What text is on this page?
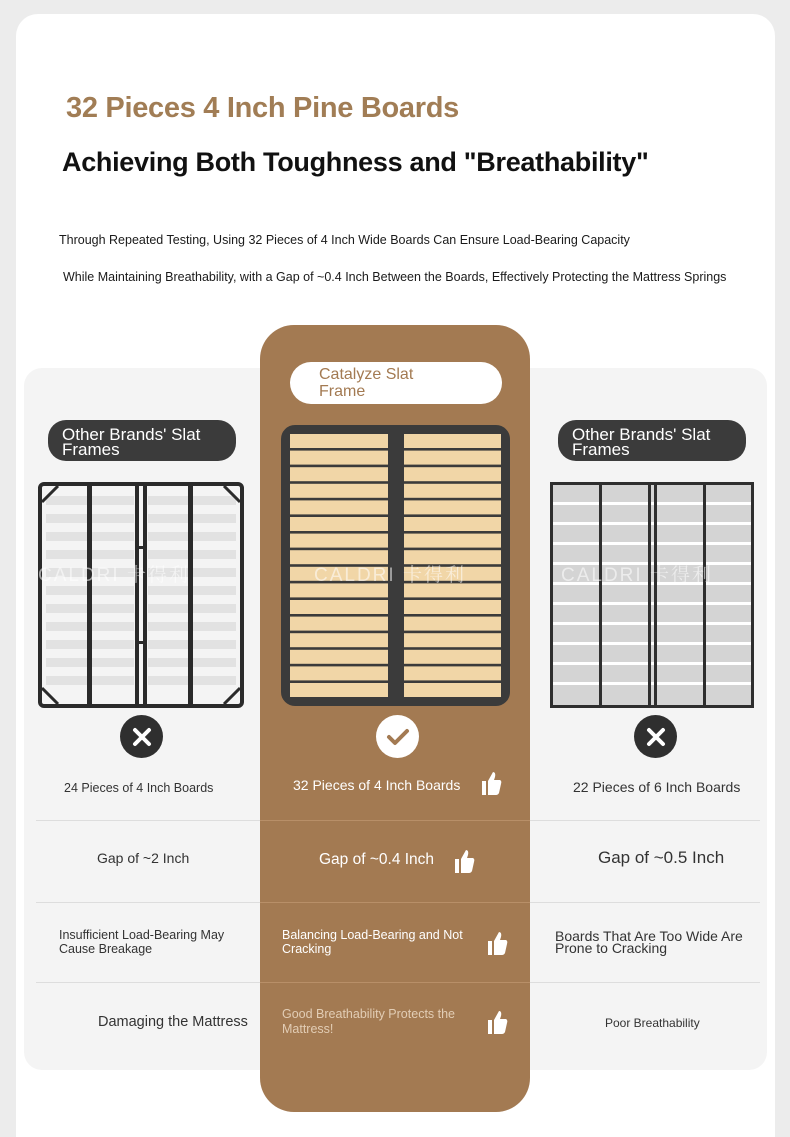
32 Pieces 4 Inch Pine Boards
Achieving Both Toughness and "Breathability"
Through Repeated Testing, Using 32 Pieces of 4 Inch Wide Boards Can Ensure Load-Bearing Capacity
While Maintaining Breathability, with a Gap of ~0.4 Inch Between the Boards, Effectively Protecting the Mattress Springs
Other Brands' Slat
Frames
Catalyze Slat
Frame
Other Brands' Slat
Frames
CALDRI 卡得利	CALDRI 卡得利	CALDRI 卡得利
24 Pieces of 4 Inch Boards
Gap of ~2 Inch
Insufficient Load-Bearing May Cause Breakage
Damaging the Mattress
32 Pieces of 4 Inch Boards
Gap of ~0.4 Inch
Balancing Load-Bearing and Not Cracking
Good Breathability Protects the Mattress!
22 Pieces of 6 Inch Boards
Gap of ~0.5 Inch
Boards That Are Too Wide Are Prone to Cracking
Poor Breathability
